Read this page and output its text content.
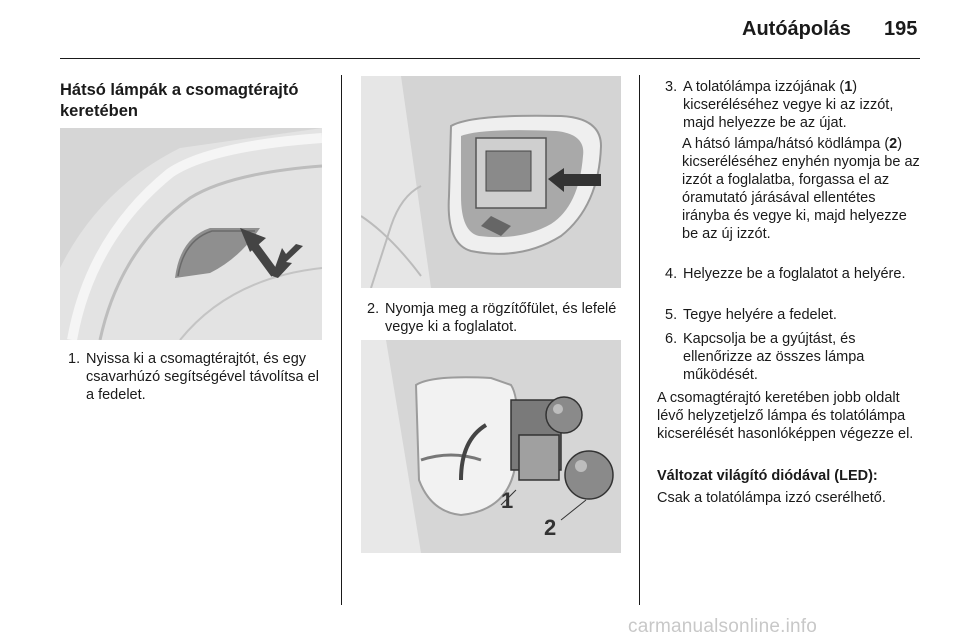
Autóápolás 195
Hátsó lámpák a csomagtérajtó keretében
1. Nyissa ki a csomagtérajtót, és egy csavarhúzó segítségével távolítsa el a fedelet.
2. Nyomja meg a rögzítőfület, és lefelé vegye ki a foglalatot.
1
2
3. A tolatólámpa izzójának (1) kicseréléséhez vegye ki az izzót, majd helyezze be az újat.
A hátsó lámpa/hátsó ködlámpa (2) kicseréléséhez enyhén nyomja be az izzót a foglalatba, forgassa el az óramutató járásával ellentétes irányba és vegye ki, majd helyezze be az új izzót.
4. Helyezze be a foglalatot a helyére.
5. Tegye helyére a fedelet.
6. Kapcsolja be a gyújtást, és ellenőrizze az összes lámpa működését.
A csomagtérajtó keretében jobb oldalt lévő helyzetjelző lámpa és tolatólámpa kicserélését hasonlóképpen végezze el.
Változat világító diódával (LED):
Csak a tolatólámpa izzó cserélhető.
carmanualsonline.info
